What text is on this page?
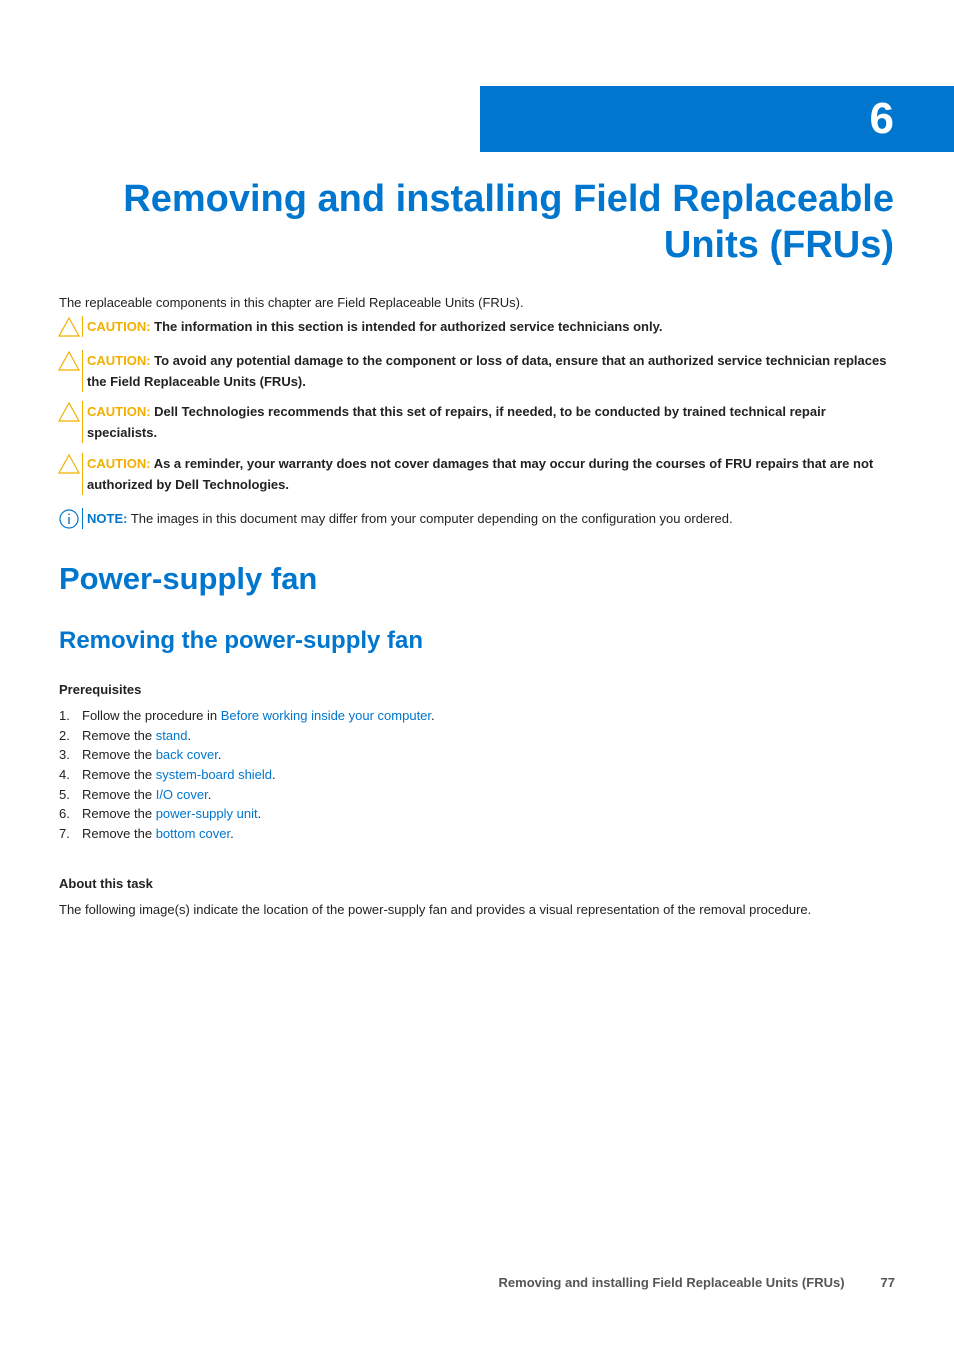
6
Removing and installing Field Replaceable
Units (FRUs)

The replaceable components in this chapter are Field Replaceable Units (FRUs).

CAUTION: The information in this section is intended for authorized service technicians only.
CAUTION: To avoid any potential damage to the component or loss of data, ensure that an authorized service technician replaces the Field Replaceable Units (FRUs).
CAUTION: Dell Technologies recommends that this set of repairs, if needed, to be conducted by trained technical repair specialists.
CAUTION: As a reminder, your warranty does not cover damages that may occur during the courses of FRU repairs that are not authorized by Dell Technologies.
NOTE: The images in this document may differ from your computer depending on the configuration you ordered.
Power-supply fan
Removing the power-supply fan

Prerequisites

1. Follow the procedure in Before working inside your computer.
2. Remove the stand.
3. Remove the back cover.
4. Remove the system-board shield.
5. Remove the I/O cover.
6. Remove the power-supply unit.
7. Remove the bottom cover.

About this task

The following image(s) indicate the location of the power-supply fan and provides a visual representation of the removal procedure.

Removing and installing Field Replaceable Units (FRUs)	77
